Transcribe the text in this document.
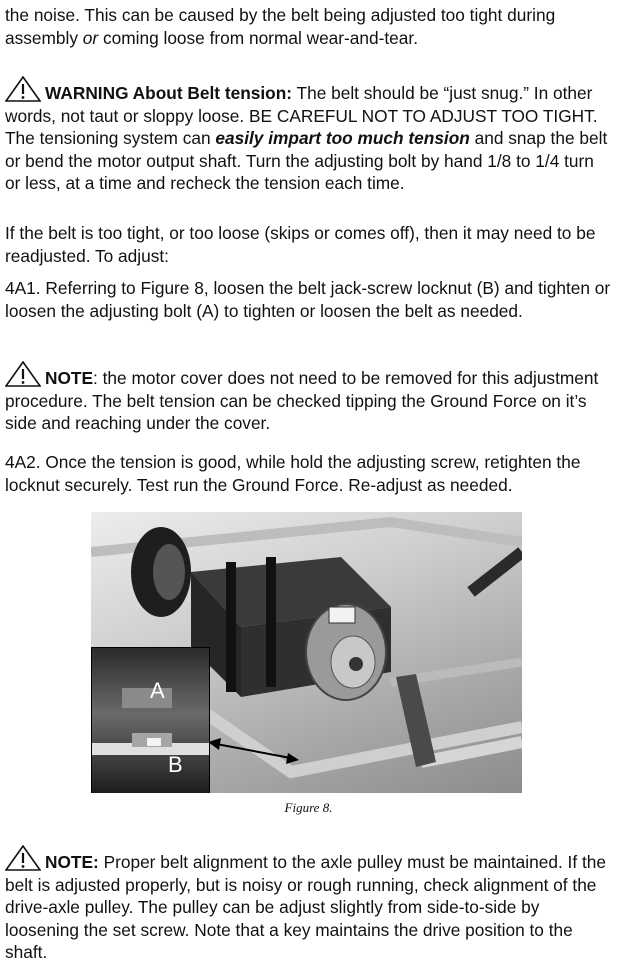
the noise. This can be caused by the belt being adjusted too tight during assembly or coming loose from normal wear-and-tear.

WARNING About Belt tension: The belt should be “just snug.” In other words, not taut or sloppy loose. BE CAREFUL NOT TO ADJUST TOO TIGHT. The tensioning system can easily impart too much tension and snap the belt or bend the motor output shaft. Turn the adjusting bolt by hand 1/8 to 1/4 turn or less, at a time and recheck the tension each time.

If the belt is too tight, or too loose (skips or comes off), then it may need to be readjusted. To adjust:

4A1. Referring to Figure 8, loosen the belt jack-screw locknut (B) and tighten or loosen the adjusting bolt (A) to tighten or loosen the belt as needed.

NOTE: the motor cover does not need to be removed for this adjustment procedure. The belt tension can be checked tipping the Ground Force on it’s side and reaching under the cover.

4A2. Once the tension is good, while hold the adjusting screw, retighten the locknut securely. Test run the Ground Force. Re-adjust as needed.

A
B
Figure 8.

NOTE: Proper belt alignment to the axle pulley must be maintained. If the belt is adjusted properly, but is noisy or rough running, check alignment of the drive-axle pulley. The pulley can be adjust slightly from side-to-side by loosening the set screw. Note that a key maintains the drive position to the shaft.
